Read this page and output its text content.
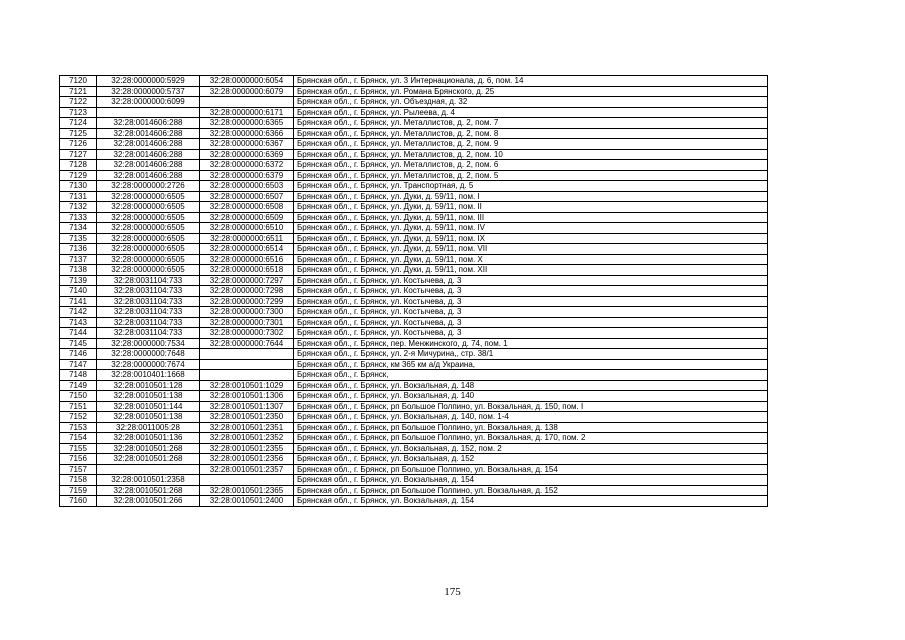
7120	32:28:0000000:5929	32:28:0000000:6054	Брянская обл., г. Брянск, ул. 3 Интернационала, д. 6, пом. 14
7121	32:28:0000000:5737	32:28:0000000:6079	Брянская обл., г. Брянск, ул. Романа Брянского, д. 25
7122	32:28:0000000:6099		Брянская обл., г. Брянск, ул. Объездная, д. 32
7123		32:28:0000000:6171	Брянская обл., г. Брянск, ул. Рылеева, д. 4
7124	32:28:0014606:288	32:28:0000000:6365	Брянская обл., г. Брянск, ул. Металлистов, д. 2, пом. 7
7125	32:28:0014606:288	32:28:0000000:6366	Брянская обл., г. Брянск, ул. Металлистов, д. 2, пом. 8
7126	32:28:0014606:288	32:28:0000000:6367	Брянская обл., г. Брянск, ул. Металлистов, д. 2, пом. 9
7127	32:28:0014606:288	32:28:0000000:6369	Брянская обл., г. Брянск, ул. Металлистов, д. 2, пом. 10
7128	32:28:0014606:288	32:28:0000000:6372	Брянская обл., г. Брянск, ул. Металлистов, д. 2, пом. 6
7129	32:28:0014606:288	32:28:0000000:6379	Брянская обл., г. Брянск, ул. Металлистов, д. 2, пом. 5
7130	32:28:0000000:2726	32:28:0000000:6503	Брянская обл., г. Брянск, ул. Транспортная, д. 5
7131	32:28:0000000:6505	32:28:0000000:6507	Брянская обл., г. Брянск, ул. Дуки, д. 59/11, пом. I
7132	32:28:0000000:6505	32:28:0000000:6508	Брянская обл., г. Брянск, ул. Дуки, д. 59/11, пом. II
7133	32:28:0000000:6505	32:28:0000000:6509	Брянская обл., г. Брянск, ул. Дуки, д. 59/11, пом. III
7134	32:28:0000000:6505	32:28:0000000:6510	Брянская обл., г. Брянск, ул. Дуки, д. 59/11, пом. IV
7135	32:28:0000000:6505	32:28:0000000:6511	Брянская обл., г. Брянск, ул. Дуки, д. 59/11, пом. IX
7136	32:28:0000000:6505	32:28:0000000:6514	Брянская обл., г. Брянск, ул. Дуки, д. 59/11, пом. VII
7137	32:28:0000000:6505	32:28:0000000:6516	Брянская обл., г. Брянск, ул. Дуки, д. 59/11, пом. X
7138	32:28:0000000:6505	32:28:0000000:6518	Брянская обл., г. Брянск, ул. Дуки, д. 59/11, пом. XII
7139	32:28:0031104:733	32:28:0000000:7297	Брянская обл., г. Брянск, ул. Костычева, д. 3
7140	32:28:0031104:733	32:28:0000000:7298	Брянская обл., г. Брянск, ул. Костычева, д. 3
7141	32:28:0031104:733	32:28:0000000:7299	Брянская обл., г. Брянск, ул. Костычева, д. 3
7142	32:28:0031104:733	32:28:0000000:7300	Брянская обл., г. Брянск, ул. Костычева, д. 3
7143	32:28:0031104:733	32:28:0000000:7301	Брянская обл., г. Брянск, ул. Костычева, д. 3
7144	32:28:0031104:733	32:28:0000000:7302	Брянская обл., г. Брянск, ул. Костычева, д. 3
7145	32:28:0000000:7534	32:28:0000000:7644	Брянская обл., г. Брянск, пер. Менжинского, д. 74, пом. 1
7146	32:28:0000000:7648		Брянская обл., г. Брянск, ул. 2-я Мичурина,, стр. 38/1
7147	32:28:0000000:7674		Брянская обл., г. Брянск, км 365 км а/д Украина,
7148	32:28:0010401:1668		Брянская обл., г. Брянск,
7149	32:28:0010501:128	32:28:0010501:1029	Брянская обл., г. Брянск, ул. Вокзальная, д. 148
7150	32:28:0010501:138	32:28:0010501:1306	Брянская обл., г. Брянск, ул. Вокзальная, д. 140
7151	32:28:0010501:144	32:28:0010501:1307	Брянская обл., г. Брянск, рп Большое Полпино, ул. Вокзальная, д. 150, пом. I
7152	32:28:0010501:138	32:28:0010501:2350	Брянская обл., г. Брянск, ул. Вокзальная, д. 140, пом. 1-4
7153	32:28:0011005:28	32:28:0010501:2351	Брянская обл., г. Брянск, рп Большое Полпино, ул. Вокзальная, д. 138
7154	32:28:0010501:136	32:28:0010501:2352	Брянская обл., г. Брянск, рп Большое Полпино, ул. Вокзальная, д. 170, пом. 2
7155	32:28:0010501:268	32:28:0010501:2355	Брянская обл., г. Брянск, ул. Вокзальная, д. 152, пом. 2
7156	32:28:0010501:268	32:28:0010501:2356	Брянская обл., г. Брянск, ул. Вокзальная, д. 152
7157		32:28:0010501:2357	Брянская обл., г. Брянск, рп Большое Полпино, ул. Вокзальная, д. 154
7158	32:28:0010501:2358		Брянская обл., г. Брянск, ул. Вокзальная, д. 154
7159	32:28:0010501:268	32:28:0010501:2365	Брянская обл., г. Брянск, рп Большое Полпино, ул. Вокзальная, д. 152
7160	32:28:0010501:266	32:28:0010501:2400	Брянская обл., г. Брянск, ул. Вокзальная, д. 154
175
